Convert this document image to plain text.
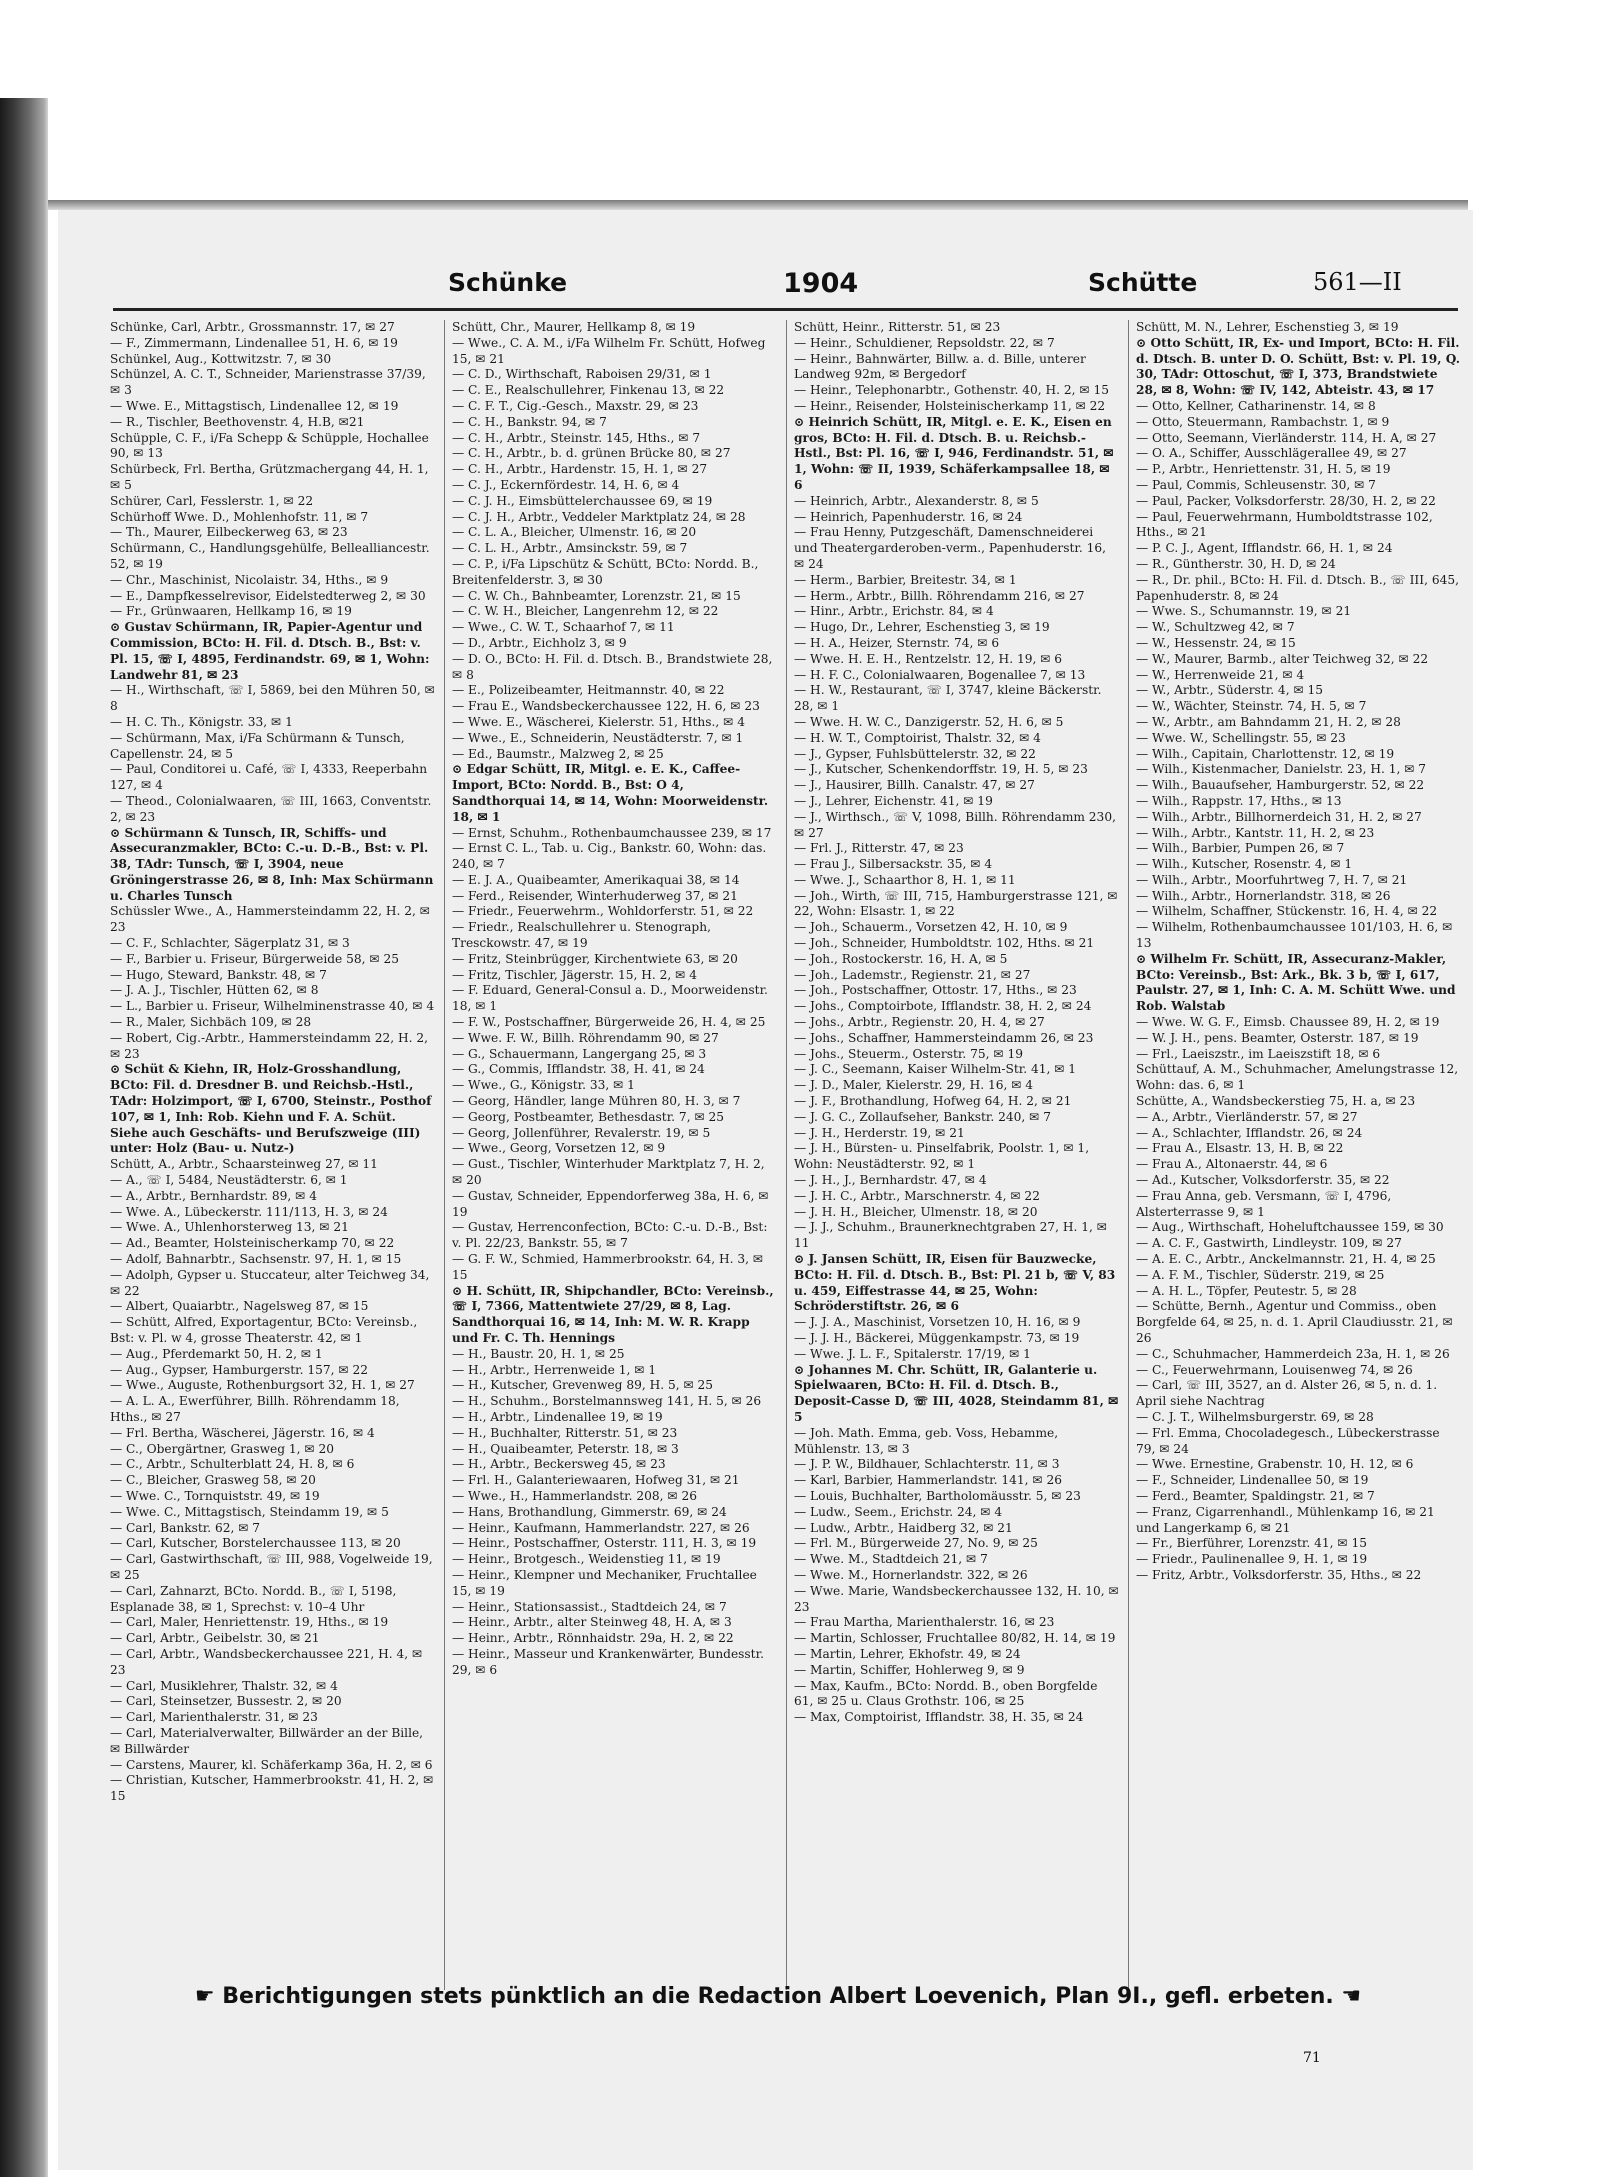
Schünke	1904	Schütte	561—II
Schünke, Carl, Arbtr., Grossmannstr. 17, ✉ 27
— F., Zimmermann, Lindenallee 51, H. 6, ✉ 19
Schünkel, Aug., Kottwitzstr. 7, ✉ 30
Schünzel, A. C. T., Schneider, Marienstrasse 37/39, ✉ 3
— Wwe. E., Mittagstisch, Lindenallee 12, ✉ 19
— R., Tischler, Beethovenstr. 4, H.B, ✉21
Schüpple, C. F., i/Fa Schepp & Schüpple, Hochallee 90, ✉ 13
Schürbeck, Frl. Bertha, Grützmachergang 44, H. 1, ✉ 5
Schürer, Carl, Fesslerstr. 1, ✉ 22
Schürhoff Wwe. D., Mohlenhofstr. 11, ✉ 7
— Th., Maurer, Eilbeckerweg 63, ✉ 23
Schürmann, C., Handlungsgehülfe, Bellealliancestr. 52, ✉ 19
— Chr., Maschinist, Nicolaistr. 34, Hths., ✉ 9
— E., Dampfkesselrevisor, Eidelstedterweg 2, ✉ 30
— Fr., Grünwaaren, Hellkamp 16, ✉ 19
⊙ Gustav Schürmann, IR, Papier-Agentur und Commission, BCto: H. Fil. d. Dtsch. B., Bst: v. Pl. 15, ☏ I, 4895, Ferdinandstr. 69, ✉ 1, Wohn: Landwehr 81, ✉ 23
— H., Wirthschaft, ☏ I, 5869, bei den Mühren 50, ✉ 8
— H. C. Th., Königstr. 33, ✉ 1
— Schürmann, Max, i/Fa Schürmann & Tunsch, Capellenstr. 24, ✉ 5
— Paul, Conditorei u. Café, ☏ I, 4333, Reeperbahn 127, ✉ 4
— Theod., Colonialwaaren, ☏ III, 1663, Conventstr. 2, ✉ 23
⊙ Schürmann & Tunsch, IR, Schiffs- und Assecuranzmakler, BCto: C.-u. D.-B., Bst: v. Pl. 38, TAdr: Tunsch, ☏ I, 3904, neue Gröningerstrasse 26, ✉ 8, Inh: Max Schürmann u. Charles Tunsch
Schüssler Wwe., A., Hammersteindamm 22, H. 2, ✉ 23
— C. F., Schlachter, Sägerplatz 31, ✉ 3
— F., Barbier u. Friseur, Bürgerweide 58, ✉ 25
— Hugo, Steward, Bankstr. 48, ✉ 7
— J. A. J., Tischler, Hütten 62, ✉ 8
— L., Barbier u. Friseur, Wilhelminenstrasse 40, ✉ 4
— R., Maler, Sichbäch 109, ✉ 28
— Robert, Cig.-Arbtr., Hammersteindamm 22, H. 2, ✉ 23
⊙ Schüt & Kiehn, IR, Holz-Grosshandlung, BCto: Fil. d. Dresdner B. und Reichsb.-Hstl., TAdr: Holzimport, ☏ I, 6700, Steinstr., Posthof 107, ✉ 1, Inh: Rob. Kiehn und F. A. Schüt. Siehe auch Geschäfts- und Berufszweige (III) unter: Holz (Bau- u. Nutz-)
Schütt, A., Arbtr., Schaarsteinweg 27, ✉ 11
— A., ☏ I, 5484, Neustädterstr. 6, ✉ 1
— A., Arbtr., Bernhardstr. 89, ✉ 4
— Wwe. A., Lübeckerstr. 111/113, H. 3, ✉ 24
— Wwe. A., Uhlenhorsterweg 13, ✉ 21
— Ad., Beamter, Holsteinischerkamp 70, ✉ 22
— Adolf, Bahnarbtr., Sachsenstr. 97, H. 1, ✉ 15
— Adolph, Gypser u. Stuccateur, alter Teichweg 34, ✉ 22
— Albert, Quaiarbtr., Nagelsweg 87, ✉ 15
— Schütt, Alfred, Exportagentur, BCto: Vereinsb., Bst: v. Pl. w 4, grosse Theaterstr. 42, ✉ 1
— Aug., Pferdemarkt 50, H. 2, ✉ 1
— Aug., Gypser, Hamburgerstr. 157, ✉ 22
— Wwe., Auguste, Rothenburgsort 32, H. 1, ✉ 27
— A. L. A., Ewerführer, Billh. Röhrendamm 18, Hths., ✉ 27
— Frl. Bertha, Wäscherei, Jägerstr. 16, ✉ 4
— C., Obergärtner, Grasweg 1, ✉ 20
— C., Arbtr., Schulterblatt 24, H. 8, ✉ 6
— C., Bleicher, Grasweg 58, ✉ 20
— Wwe. C., Tornquiststr. 49, ✉ 19
— Wwe. C., Mittagstisch, Steindamm 19, ✉ 5
— Carl, Bankstr. 62, ✉ 7
— Carl, Kutscher, Borstelerchaussee 113, ✉ 20
— Carl, Gastwirthschaft, ☏ III, 988, Vogelweide 19, ✉ 25
— Carl, Zahnarzt, BCto. Nordd. B., ☏ I, 5198, Esplanade 38, ✉ 1, Sprechst: v. 10–4 Uhr
— Carl, Maler, Henriettenstr. 19, Hths., ✉ 19
— Carl, Arbtr., Geibelstr. 30, ✉ 21
— Carl, Arbtr., Wandsbeckerchaussee 221, H. 4, ✉ 23
— Carl, Musiklehrer, Thalstr. 32, ✉ 4
— Carl, Steinsetzer, Bussestr. 2, ✉ 20
— Carl, Marienthalerstr. 31, ✉ 23
— Carl, Materialverwalter, Billwärder an der Bille, ✉ Billwärder
— Carstens, Maurer, kl. Schäferkamp 36a, H. 2, ✉ 6
— Christian, Kutscher, Hammerbrookstr. 41, H. 2, ✉ 15
Schütt, Chr., Maurer, Hellkamp 8, ✉ 19
— Wwe., C. A. M., i/Fa Wilhelm Fr. Schütt, Hofweg 15, ✉ 21
— C. D., Wirthschaft, Raboisen 29/31, ✉ 1
— C. E., Realschullehrer, Finkenau 13, ✉ 22
— C. F. T., Cig.-Gesch., Maxstr. 29, ✉ 23
— C. H., Bankstr. 94, ✉ 7
— C. H., Arbtr., Steinstr. 145, Hths., ✉ 7
— C. H., Arbtr., b. d. grünen Brücke 80, ✉ 27
— C. H., Arbtr., Hardenstr. 15, H. 1, ✉ 27
— C. J., Eckernfördestr. 14, H. 6, ✉ 4
— C. J. H., Eimsbüttelerchaussee 69, ✉ 19
— C. J. H., Arbtr., Veddeler Marktplatz 24, ✉ 28
— C. L. A., Bleicher, Ulmenstr. 16, ✉ 20
— C. L. H., Arbtr., Amsinckstr. 59, ✉ 7
— C. P., i/Fa Lipschütz & Schütt, BCto: Nordd. B., Breitenfelderstr. 3, ✉ 30
— C. W. Ch., Bahnbeamter, Lorenzstr. 21, ✉ 15
— C. W. H., Bleicher, Langenrehm 12, ✉ 22
— Wwe., C. W. T., Schaarhof 7, ✉ 11
— D., Arbtr., Eichholz 3, ✉ 9
— D. O., BCto: H. Fil. d. Dtsch. B., Brandstwiete 28, ✉ 8
— E., Polizeibeamter, Heitmannstr. 40, ✉ 22
— Frau E., Wandsbeckerchaussee 122, H. 6, ✉ 23
— Wwe. E., Wäscherei, Kielerstr. 51, Hths., ✉ 4
— Wwe., E., Schneiderin, Neustädterstr. 7, ✉ 1
— Ed., Baumstr., Malzweg 2, ✉ 25
⊙ Edgar Schütt, IR, Mitgl. e. E. K., Caffee-Import, BCto: Nordd. B., Bst: O 4, Sandthorquai 14, ✉ 14, Wohn: Moorweidenstr. 18, ✉ 1
— Ernst, Schuhm., Rothenbaumchaussee 239, ✉ 17
— Ernst C. L., Tab. u. Cig., Bankstr. 60, Wohn: das. 240, ✉ 7
— E. J. A., Quaibeamter, Amerikaquai 38, ✉ 14
— Ferd., Reisender, Winterhuderweg 37, ✉ 21
— Friedr., Feuerwehrm., Wohldorferstr. 51, ✉ 22
— Friedr., Realschullehrer u. Stenograph, Tresckowstr. 47, ✉ 19
— Fritz, Steinbrügger, Kirchentwiete 63, ✉ 20
— Fritz, Tischler, Jägerstr. 15, H. 2, ✉ 4
— F. Eduard, General-Consul a. D., Moorweidenstr. 18, ✉ 1
— F. W., Postschaffner, Bürgerweide 26, H. 4, ✉ 25
— Wwe. F. W., Billh. Röhrendamm 90, ✉ 27
— G., Schauermann, Langergang 25, ✉ 3
— G., Commis, Ifflandstr. 38, H. 41, ✉ 24
— Wwe., G., Königstr. 33, ✉ 1
— Georg, Händler, lange Mühren 80, H. 3, ✉ 7
— Georg, Postbeamter, Bethesdastr. 7, ✉ 25
— Georg, Jollenführer, Revalerstr. 19, ✉ 5
— Wwe., Georg, Vorsetzen 12, ✉ 9
— Gust., Tischler, Winterhuder Marktplatz 7, H. 2, ✉ 20
— Gustav, Schneider, Eppendorferweg 38a, H. 6, ✉ 19
— Gustav, Herrenconfection, BCto: C.-u. D.-B., Bst: v. Pl. 22/23, Bankstr. 55, ✉ 7
— G. F. W., Schmied, Hammerbrookstr. 64, H. 3, ✉ 15
⊙ H. Schütt, IR, Shipchandler, BCto: Vereinsb., ☏ I, 7366, Mattentwiete 27/29, ✉ 8, Lag. Sandthorquai 16, ✉ 14, Inh: M. W. R. Krapp und Fr. C. Th. Hennings
— H., Baustr. 20, H. 1, ✉ 25
— H., Arbtr., Herrenweide 1, ✉ 1
— H., Kutscher, Grevenweg 89, H. 5, ✉ 25
— H., Schuhm., Borstelmannsweg 141, H. 5, ✉ 26
— H., Arbtr., Lindenallee 19, ✉ 19
— H., Buchhalter, Ritterstr. 51, ✉ 23
— H., Quaibeamter, Peterstr. 18, ✉ 3
— H., Arbtr., Beckersweg 45, ✉ 23
— Frl. H., Galanteriewaaren, Hofweg 31, ✉ 21
— Wwe., H., Hammerlandstr. 208, ✉ 26
— Hans, Brothandlung, Gimmerstr. 69, ✉ 24
— Heinr., Kaufmann, Hammerlandstr. 227, ✉ 26
— Heinr., Postschaffner, Osterstr. 111, H. 3, ✉ 19
— Heinr., Brotgesch., Weidenstieg 11, ✉ 19
— Heinr., Klempner und Mechaniker, Fruchtallee 15, ✉ 19
— Heinr., Stationsassist., Stadtdeich 24, ✉ 7
— Heinr., Arbtr., alter Steinweg 48, H. A, ✉ 3
— Heinr., Arbtr., Rönnhaidstr. 29a, H. 2, ✉ 22
— Heinr., Masseur und Krankenwärter, Bundesstr. 29, ✉ 6
Schütt, Heinr., Ritterstr. 51, ✉ 23
— Heinr., Schuldiener, Repsoldstr. 22, ✉ 7
— Heinr., Bahnwärter, Billw. a. d. Bille, unterer Landweg 92m, ✉ Bergedorf
— Heinr., Telephonarbtr., Gothenstr. 40, H. 2, ✉ 15
— Heinr., Reisender, Holsteinischerkamp 11, ✉ 22
⊙ Heinrich Schütt, IR, Mitgl. e. E. K., Eisen en gros, BCto: H. Fil. d. Dtsch. B. u. Reichsb.-Hstl., Bst: Pl. 16, ☏ I, 946, Ferdinandstr. 51, ✉ 1, Wohn: ☏ II, 1939, Schäferkampsallee 18, ✉ 6
— Heinrich, Arbtr., Alexanderstr. 8, ✉ 5
— Heinrich, Papenhuderstr. 16, ✉ 24
— Frau Henny, Putzgeschäft, Damenschneiderei und Theatergarderoben-verm., Papenhuderstr. 16, ✉ 24
— Herm., Barbier, Breitestr. 34, ✉ 1
— Herm., Arbtr., Billh. Röhrendamm 216, ✉ 27
— Hinr., Arbtr., Erichstr. 84, ✉ 4
— Hugo, Dr., Lehrer, Eschenstieg 3, ✉ 19
— H. A., Heizer, Sternstr. 74, ✉ 6
— Wwe. H. E. H., Rentzelstr. 12, H. 19, ✉ 6
— H. F. C., Colonialwaaren, Bogenallee 7, ✉ 13
— H. W., Restaurant, ☏ I, 3747, kleine Bäckerstr. 28, ✉ 1
— Wwe. H. W. C., Danzigerstr. 52, H. 6, ✉ 5
— H. W. T., Comptoirist, Thalstr. 32, ✉ 4
— J., Gypser, Fuhlsbüttelerstr. 32, ✉ 22
— J., Kutscher, Schenkendorffstr. 19, H. 5, ✉ 23
— J., Hausirer, Billh. Canalstr. 47, ✉ 27
— J., Lehrer, Eichenstr. 41, ✉ 19
— J., Wirthsch., ☏ V, 1098, Billh. Röhrendamm 230, ✉ 27
— Frl. J., Ritterstr. 47, ✉ 23
— Frau J., Silbersackstr. 35, ✉ 4
— Wwe. J., Schaarthor 8, H. 1, ✉ 11
— Joh., Wirth, ☏ III, 715, Hamburgerstrasse 121, ✉ 22, Wohn: Elsastr. 1, ✉ 22
— Joh., Schauerm., Vorsetzen 42, H. 10, ✉ 9
— Joh., Schneider, Humboldtstr. 102, Hths. ✉ 21
— Joh., Rostockerstr. 16, H. A, ✉ 5
— Joh., Lademstr., Regienstr. 21, ✉ 27
— Joh., Postschaffner, Ottostr. 17, Hths., ✉ 23
— Johs., Comptoirbote, Ifflandstr. 38, H. 2, ✉ 24
— Johs., Arbtr., Regienstr. 20, H. 4, ✉ 27
— Johs., Schaffner, Hammersteindamm 26, ✉ 23
— Johs., Steuerm., Osterstr. 75, ✉ 19
— J. C., Seemann, Kaiser Wilhelm-Str. 41, ✉ 1
— J. D., Maler, Kielerstr. 29, H. 16, ✉ 4
— J. F., Brothandlung, Hofweg 64, H. 2, ✉ 21
— J. G. C., Zollaufseher, Bankstr. 240, ✉ 7
— J. H., Herderstr. 19, ✉ 21
— J. H., Bürsten- u. Pinselfabrik, Poolstr. 1, ✉ 1, Wohn: Neustädterstr. 92, ✉ 1
— J. H., J., Bernhardstr. 47, ✉ 4
— J. H. C., Arbtr., Marschnerstr. 4, ✉ 22
— J. H. H., Bleicher, Ulmenstr. 18, ✉ 20
— J. J., Schuhm., Braunerknechtgraben 27, H. 1, ✉ 11
⊙ J. Jansen Schütt, IR, Eisen für Bauzwecke, BCto: H. Fil. d. Dtsch. B., Bst: Pl. 21 b, ☏ V, 83 u. 459, Eiffestrasse 44, ✉ 25, Wohn: Schröderstiftstr. 26, ✉ 6
— J. J. A., Maschinist, Vorsetzen 10, H. 16, ✉ 9
— J. J. H., Bäckerei, Müggenkampstr. 73, ✉ 19
— Wwe. J. L. F., Spitalerstr. 17/19, ✉ 1
⊙ Johannes M. Chr. Schütt, IR, Galanterie u. Spielwaaren, BCto: H. Fil. d. Dtsch. B., Deposit-Casse D, ☏ III, 4028, Steindamm 81, ✉ 5
— Joh. Math. Emma, geb. Voss, Hebamme, Mühlenstr. 13, ✉ 3
— J. P. W., Bildhauer, Schlachterstr. 11, ✉ 3
— Karl, Barbier, Hammerlandstr. 141, ✉ 26
— Louis, Buchhalter, Bartholomäusstr. 5, ✉ 23
— Ludw., Seem., Erichstr. 24, ✉ 4
— Ludw., Arbtr., Haidberg 32, ✉ 21
— Frl. M., Bürgerweide 27, No. 9, ✉ 25
— Wwe. M., Stadtdeich 21, ✉ 7
— Wwe. M., Hornerlandstr. 322, ✉ 26
— Wwe. Marie, Wandsbeckerchaussee 132, H. 10, ✉ 23
— Frau Martha, Marienthalerstr. 16, ✉ 23
— Martin, Schlosser, Fruchtallee 80/82, H. 14, ✉ 19
— Martin, Lehrer, Ekhofstr. 49, ✉ 24
— Martin, Schiffer, Hohlerweg 9, ✉ 9
— Max, Kaufm., BCto: Nordd. B., oben Borgfelde 61, ✉ 25 u. Claus Grothstr. 106, ✉ 25
— Max, Comptoirist, Ifflandstr. 38, H. 35, ✉ 24
Schütt, M. N., Lehrer, Eschenstieg 3, ✉ 19
⊙ Otto Schütt, IR, Ex- und Import, BCto: H. Fil. d. Dtsch. B. unter D. O. Schütt, Bst: v. Pl. 19, Q. 30, TAdr: Ottoschut, ☏ I, 373, Brandstwiete 28, ✉ 8, Wohn: ☏ IV, 142, Abteistr. 43, ✉ 17
— Otto, Kellner, Catharinenstr. 14, ✉ 8
— Otto, Steuermann, Rambachstr. 1, ✉ 9
— Otto, Seemann, Vierländerstr. 114, H. A, ✉ 27
— O. A., Schiffer, Ausschlägerallee 49, ✉ 27
— P., Arbtr., Henriettenstr. 31, H. 5, ✉ 19
— Paul, Commis, Schleusenstr. 30, ✉ 7
— Paul, Packer, Volksdorferstr. 28/30, H. 2, ✉ 22
— Paul, Feuerwehrmann, Humboldtstrasse 102, Hths., ✉ 21
— P. C. J., Agent, Ifflandstr. 66, H. 1, ✉ 24
— R., Güntherstr. 30, H. D, ✉ 24
— R., Dr. phil., BCto: H. Fil. d. Dtsch. B., ☏ III, 645, Papenhuderstr. 8, ✉ 24
— Wwe. S., Schumannstr. 19, ✉ 21
— W., Schultzweg 42, ✉ 7
— W., Hessenstr. 24, ✉ 15
— W., Maurer, Barmb., alter Teichweg 32, ✉ 22
— W., Herrenweide 21, ✉ 4
— W., Arbtr., Süderstr. 4, ✉ 15
— W., Wächter, Steinstr. 74, H. 5, ✉ 7
— W., Arbtr., am Bahndamm 21, H. 2, ✉ 28
— Wwe. W., Schellingstr. 55, ✉ 23
— Wilh., Capitain, Charlottenstr. 12, ✉ 19
— Wilh., Kistenmacher, Danielstr. 23, H. 1, ✉ 7
— Wilh., Bauaufseher, Hamburgerstr. 52, ✉ 22
— Wilh., Rappstr. 17, Hths., ✉ 13
— Wilh., Arbtr., Billhornerdeich 31, H. 2, ✉ 27
— Wilh., Arbtr., Kantstr. 11, H. 2, ✉ 23
— Wilh., Barbier, Pumpen 26, ✉ 7
— Wilh., Kutscher, Rosenstr. 4, ✉ 1
— Wilh., Arbtr., Moorfuhrtweg 7, H. 7, ✉ 21
— Wilh., Arbtr., Hornerlandstr. 318, ✉ 26
— Wilhelm, Schaffner, Stückenstr. 16, H. 4, ✉ 22
— Wilhelm, Rothenbaumchaussee 101/103, H. 6, ✉ 13
⊙ Wilhelm Fr. Schütt, IR, Assecuranz-Makler, BCto: Vereinsb., Bst: Ark., Bk. 3 b, ☏ I, 617, Paulstr. 27, ✉ 1, Inh: C. A. M. Schütt Wwe. und Rob. Walstab
— Wwe. W. G. F., Eimsb. Chaussee 89, H. 2, ✉ 19
— W. J. H., pens. Beamter, Osterstr. 187, ✉ 19
— Frl., Laeiszstr., im Laeiszstift 18, ✉ 6
Schüttauf, A. M., Schuhmacher, Amelungstrasse 12, Wohn: das. 6, ✉ 1
Schütte, A., Wandsbeckerstieg 75, H. a, ✉ 23
— A., Arbtr., Vierländerstr. 57, ✉ 27
— A., Schlachter, Ifflandstr. 26, ✉ 24
— Frau A., Elsastr. 13, H. B, ✉ 22
— Frau A., Altonaerstr. 44, ✉ 6
— Ad., Kutscher, Volksdorferstr. 35, ✉ 22
— Frau Anna, geb. Versmann, ☏ I, 4796, Alsterterrasse 9, ✉ 1
— Aug., Wirthschaft, Hoheluftchaussee 159, ✉ 30
— A. C. F., Gastwirth, Lindleystr. 109, ✉ 27
— A. E. C., Arbtr., Anckelmannstr. 21, H. 4, ✉ 25
— A. F. M., Tischler, Süderstr. 219, ✉ 25
— A. H. L., Töpfer, Peutestr. 5, ✉ 28
— Schütte, Bernh., Agentur und Commiss., oben Borgfelde 64, ✉ 25, n. d. 1. April Claudiusstr. 21, ✉ 26
— C., Schuhmacher, Hammerdeich 23a, H. 1, ✉ 26
— C., Feuerwehrmann, Louisenweg 74, ✉ 26
— Carl, ☏ III, 3527, an d. Alster 26, ✉ 5, n. d. 1. April siehe Nachtrag
— C. J. T., Wilhelmsburgerstr. 69, ✉ 28
— Frl. Emma, Chocoladegesch., Lübeckerstrasse 79, ✉ 24
— Wwe. Ernestine, Grabenstr. 10, H. 12, ✉ 6
— F., Schneider, Lindenallee 50, ✉ 19
— Ferd., Beamter, Spaldingstr. 21, ✉ 7
— Franz, Cigarrenhandl., Mühlenkamp 16, ✉ 21 und Langerkamp 6, ✉ 21
— Fr., Bierführer, Lorenzstr. 41, ✉ 15
— Friedr., Paulinenallee 9, H. 1, ✉ 19
— Fritz, Arbtr., Volksdorferstr. 35, Hths., ✉ 22
☛ Berichtigungen stets pünktlich an die Redaction Albert Loevenich, Plan 9I., gefl. erbeten. ☚
71
